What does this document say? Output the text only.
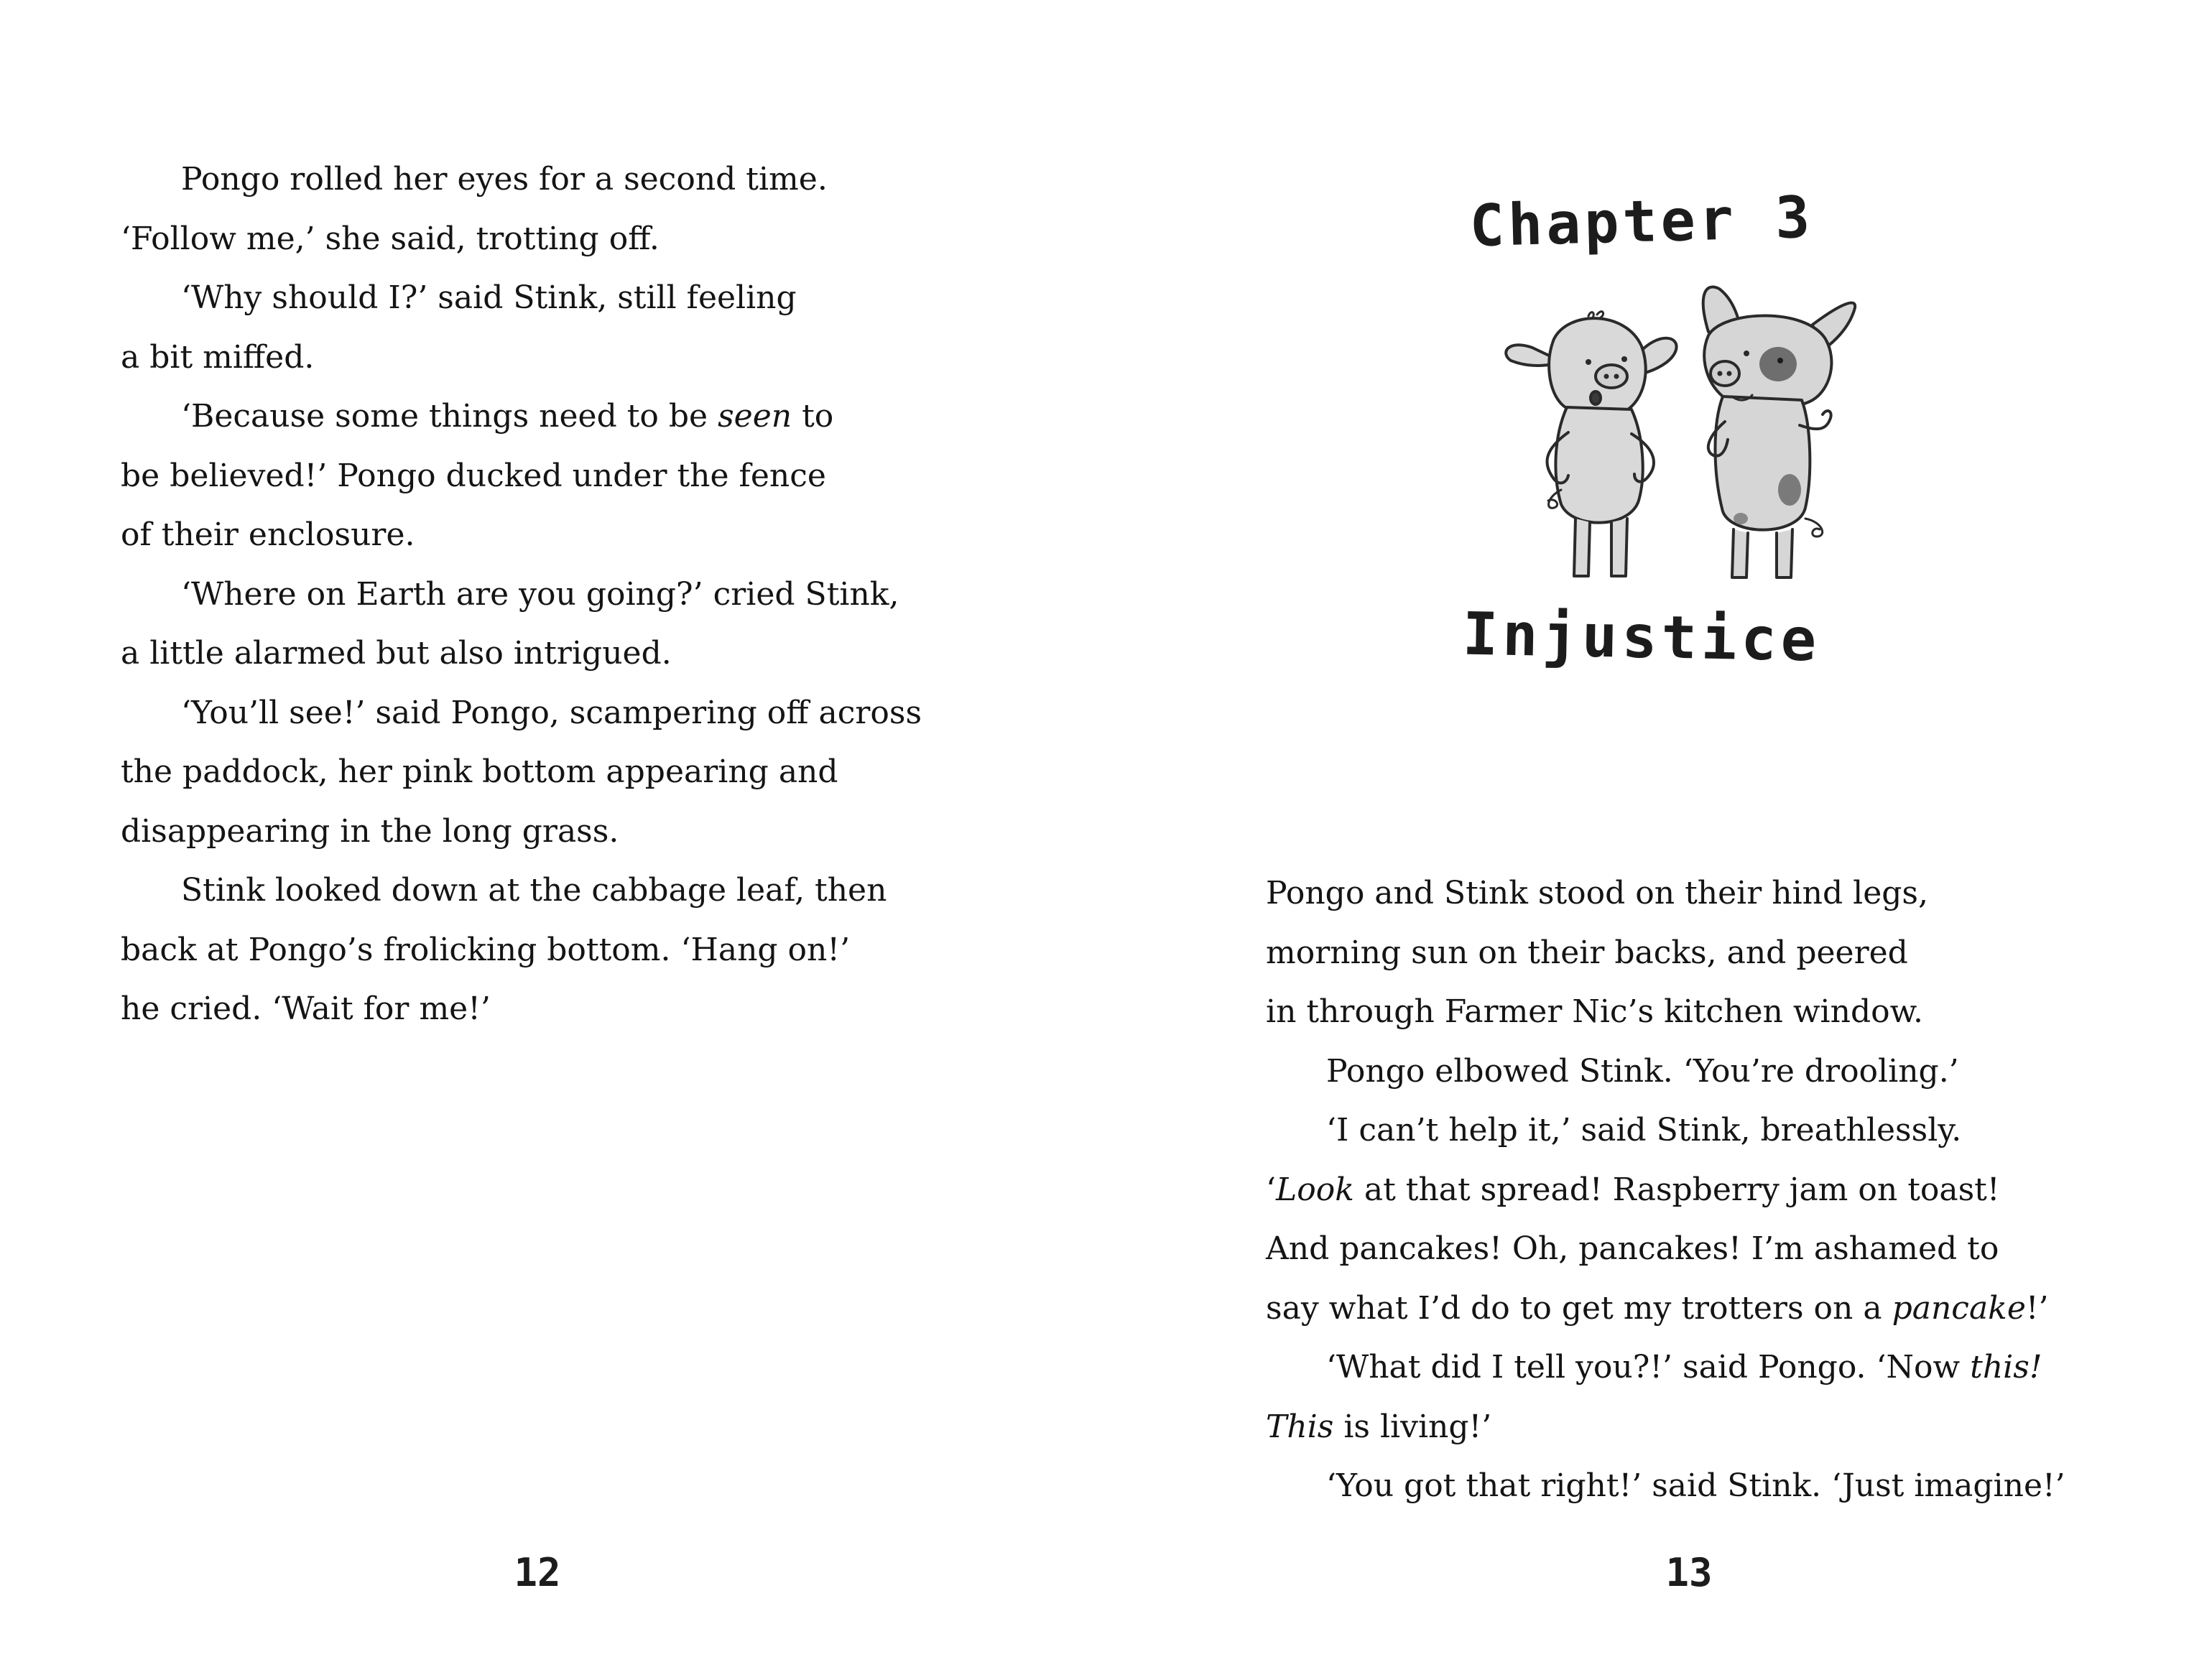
Pongo rolled her eyes for a second time.
‘Follow me,’ she said, trotting off.
‘Why should I?’ said Stink, still feeling
a bit miffed.
‘Because some things need to be seen to
be believed!’ Pongo ducked under the fence
of their enclosure.
‘Where on Earth are you going?’ cried Stink,
a little alarmed but also intrigued.
‘You’ll see!’ said Pongo, scampering off across
the paddock, her pink bottom appearing and
disappearing in the long grass.
Stink looked down at the cabbage leaf, then
back at Pongo’s frolicking bottom. ‘Hang on!’
he cried. ‘Wait for me!’
12
Chapter 3
Injustice
Pongo and Stink stood on their hind legs,
morning sun on their backs, and peered
in through Farmer Nic’s kitchen window.
Pongo elbowed Stink. ‘You’re drooling.’
‘I can’t help it,’ said Stink, breathlessly.
‘Look at that spread! Raspberry jam on toast!
And pancakes! Oh, pancakes! I’m ashamed to
say what I’d do to get my trotters on a pancake!’
‘What did I tell you?!’ said Pongo. ‘Now this!
This is living!’
‘You got that right!’ said Stink. ‘Just imagine!’
13
